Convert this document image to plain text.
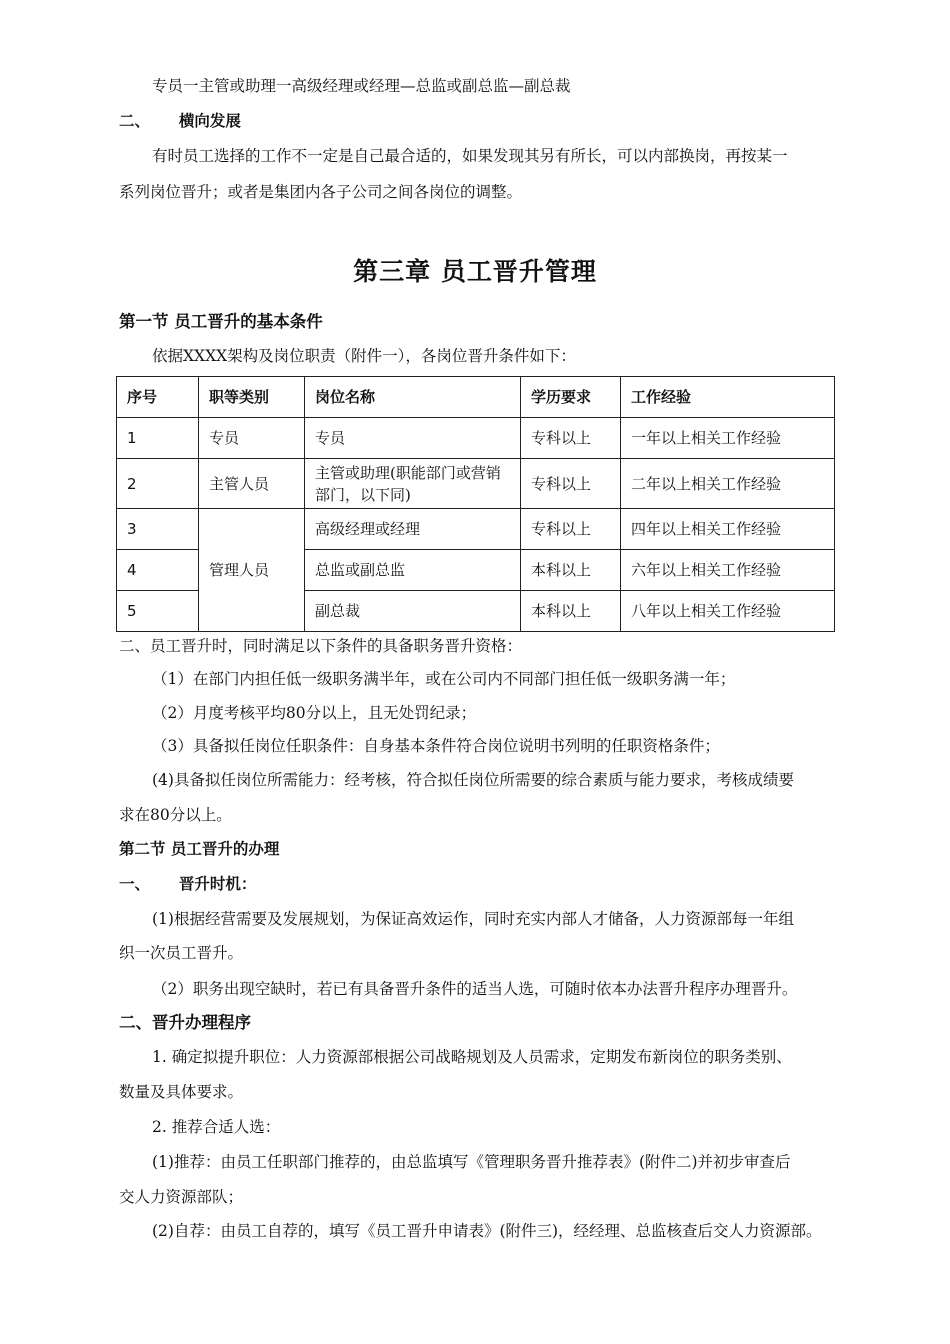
专员一主管或助理一高级经理或经理—总监或副总监—副总裁
二、 横向发展
有时员工选择的工作不一定是自己最合适的，如果发现其另有所长，可以内部换岗，再按某一
系列岗位晋升；或者是集团内各子公司之间各岗位的调整。
第三章 员工晋升管理
第一节 员工晋升的基本条件
依据XXXX架构及岗位职责（附件一），各岗位晋升条件如下：
序号	职等类别	岗位名称	学历要求	工作经验
1	专员	专员	专科以上	一年以上相关工作经验
2	主管人员	主管或助理(职能部门或营销部门，以下同)	专科以上	二年以上相关工作经验
3	管理人员	高级经理或经理	专科以上	四年以上相关工作经验
4		总监或副总监	本科以上	六年以上相关工作经验
5		副总裁	本科以上	八年以上相关工作经验
二、员工晋升时，同时满足以下条件的具备职务晋升资格：
（1）在部门内担任低一级职务满半年，或在公司内不同部门担任低一级职务满一年；
（2）月度考核平均80分以上，且无处罚纪录；
（3）具备拟任岗位任职条件：自身基本条件符合岗位说明书列明的任职资格条件；
(4)具备拟任岗位所需能力：经考核，符合拟任岗位所需要的综合素质与能力要求，考核成绩要
求在80分以上。
第二节 员工晋升的办理
一、 晋升时机：
(1)根据经营需要及发展规划，为保证高效运作，同时充实内部人才储备，人力资源部每一年组
织一次员工晋升。
（2）职务出现空缺时，若已有具备晋升条件的适当人选，可随时依本办法晋升程序办理晋升。
二、晋升办理程序
1. 确定拟提升职位：人力资源部根据公司战略规划及人员需求，定期发布新岗位的职务类别、
数量及具体要求。
2. 推荐合适人选：
(1)推荐：由员工任职部门推荐的，由总监填写《管理职务晋升推荐表》(附件二)并初步审查后
交人力资源部队；
(2)自荐：由员工自荐的，填写《员工晋升申请表》(附件三)，经经理、总监核查后交人力资源部。
